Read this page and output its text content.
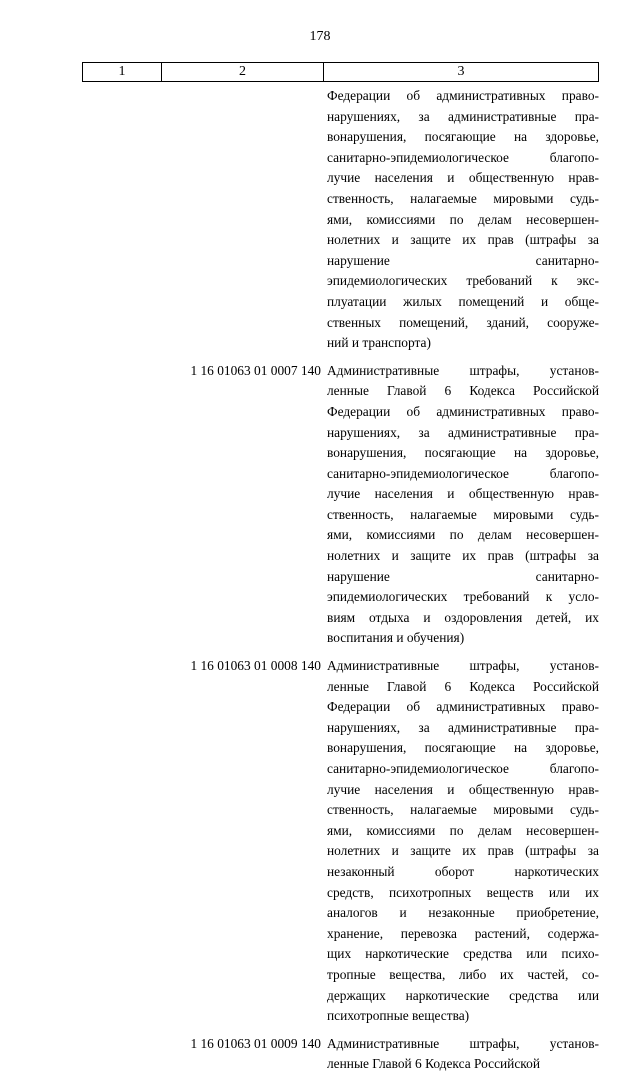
178
1	2	3
Федерации об административных право-
нарушениях, за административные пра-
вонарушения, посягающие на здоровье,
санитарно-эпидемиологическое благопо-
лучие населения и общественную нрав-
ственность, налагаемые мировыми судь-
ями, комиссиями по делам несовершен-
нолетних и защите их прав (штрафы за
нарушение санитарно-
эпидемиологических требований к экс-
плуатации жилых помещений и обще-
ственных помещений, зданий, сооруже-
ний и транспорта)
1 16 01063 01 0007 140 Административные штрафы, установ-
ленные Главой 6 Кодекса Российской
Федерации об административных право-
нарушениях, за административные пра-
вонарушения, посягающие на здоровье,
санитарно-эпидемиологическое благопо-
лучие населения и общественную нрав-
ственность, налагаемые мировыми судь-
ями, комиссиями по делам несовершен-
нолетних и защите их прав (штрафы за
нарушение санитарно-
эпидемиологических требований к усло-
виям отдыха и оздоровления детей, их
воспитания и обучения)
1 16 01063 01 0008 140 Административные штрафы, установ-
ленные Главой 6 Кодекса Российской
Федерации об административных право-
нарушениях, за административные пра-
вонарушения, посягающие на здоровье,
санитарно-эпидемиологическое благопо-
лучие населения и общественную нрав-
ственность, налагаемые мировыми судь-
ями, комиссиями по делам несовершен-
нолетних и защите их прав (штрафы за
незаконный оборот наркотических
средств, психотропных веществ или их
аналогов и незаконные приобретение,
хранение, перевозка растений, содержа-
щих наркотические средства или психо-
тропные вещества, либо их частей, со-
держащих наркотические средства или
психотропные вещества)
1 16 01063 01 0009 140 Административные штрафы, установ-
ленные Главой 6 Кодекса Российской
